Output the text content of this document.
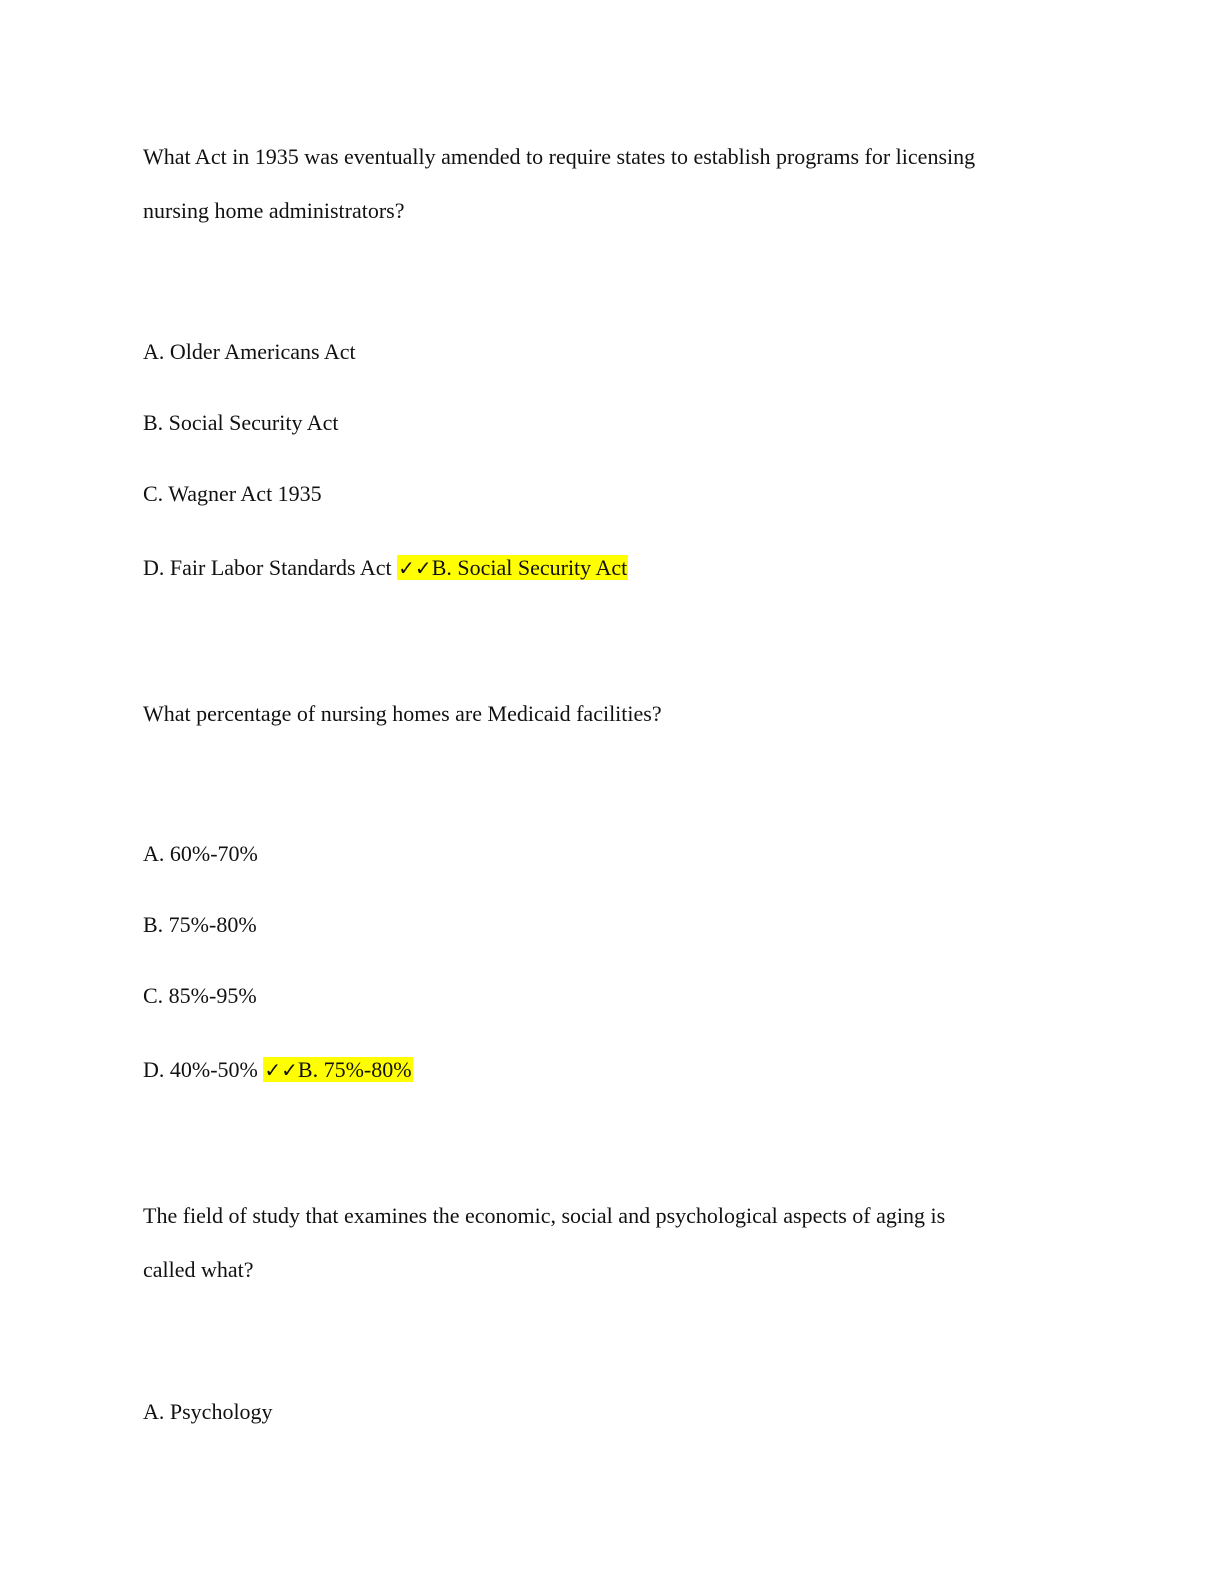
What Act in 1935 was eventually amended to require states to establish programs for licensing
nursing home administrators?
A. Older Americans Act
B. Social Security Act
C. Wagner Act 1935
D. Fair Labor Standards Act ✓✓B. Social Security Act
What percentage of nursing homes are Medicaid facilities?
A. 60%-70%
B. 75%-80%
C. 85%-95%
D. 40%-50% ✓✓B. 75%-80%
The field of study that examines the economic, social and psychological aspects of aging is
called what?
A. Psychology
